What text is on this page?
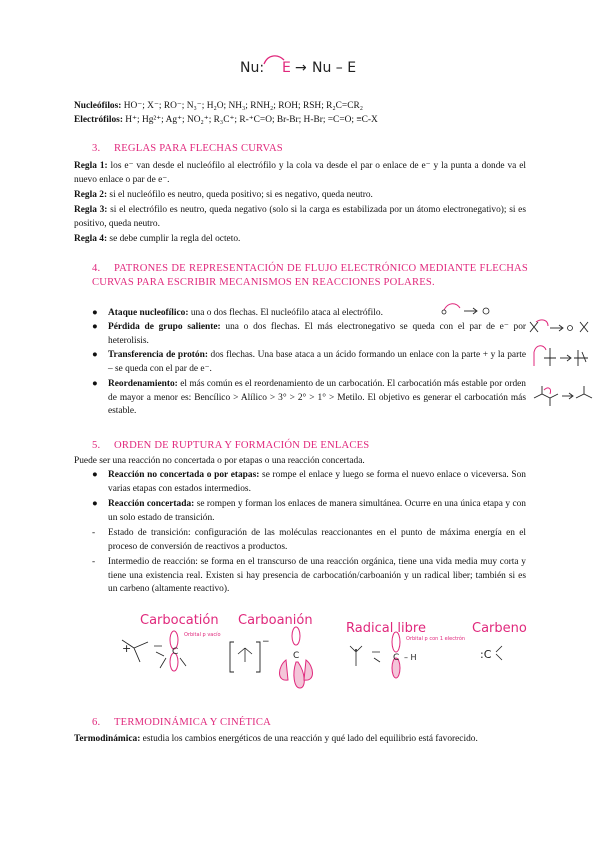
Nu: E → Nu – E
Nucleófilos: HO⁻; X⁻; RO⁻; N₃⁻; H₂O; NH₃; RNH₂; ROH; RSH; R₂C=CR₂
Electrófilos: H⁺; Hg²⁺; Ag⁺; NO₂⁺; R₃C⁺; R-⁺C=O; Br-Br; H-Br; =C=O; ≡C-X
3. REGLAS PARA FLECHAS CURVAS
Regla 1: los e⁻ van desde el nucleófilo al electrófilo y la cola va desde el par o enlace de e⁻ y la punta a donde va el nuevo enlace o par de e⁻.
Regla 2: si el nucleófilo es neutro, queda positivo; si es negativo, queda neutro.
Regla 3: si el electrófilo es neutro, queda negativo (solo si la carga es estabilizada por un átomo electronegativo); si es positivo, queda neutro.
Regla 4: se debe cumplir la regla del octeto.
4. PATRONES DE REPRESENTACIÓN DE FLUJO ELECTRÓNICO MEDIANTE FLECHAS CURVAS PARA ESCRIBIR MECANISMOS EN REACCIONES POLARES.
● Ataque nucleofílico: una o dos flechas. El nucleófilo ataca al electrófilo.
● Pérdida de grupo saliente: una o dos flechas. El más electronegativo se queda con el par de e⁻ por heterolisis.
● Transferencia de protón: dos flechas. Una base ataca a un ácido formando un enlace con la parte + y la parte – se queda con el par de e⁻.
● Reordenamiento: el más común es el reordenamiento de un carbocatión. El carbocatión más estable por orden de mayor a menor es: Bencílico > Alílico > 3° > 2° > 1° > Metilo. El objetivo es generar el carbocatión más estable.
5. ORDEN DE RUPTURA Y FORMACIÓN DE ENLACES
Puede ser una reacción no concertada o por etapas o una reacción concertada.
● Reacción no concertada o por etapas: se rompe el enlace y luego se forma el nuevo enlace o viceversa. Son varias etapas con estados intermedios.
● Reacción concertada: se rompen y forman los enlaces de manera simultánea. Ocurre en una única etapa y con un solo estado de transición.
- Estado de transición: configuración de las moléculas reaccionantes en el punto de máxima energía en el proceso de conversión de reactivos a productos.
- Intermedio de reacción: se forma en el transcurso de una reacción orgánica, tiene una vida media muy corta y tiene una existencia real. Existen si hay presencia de carbocatión/carboanión y un radical liber; también si es un carbeno (altamente reactivo).
Carbocatión
+	C
Orbital p vacío
Carboanión
−
C
Radical libre
C – H
Orbital p con 1 electrón
Carbeno
:C
6. TERMODINÁMICA Y CINÉTICA
Termodinámica: estudia los cambios energéticos de una reacción y qué lado del equilibrio está favorecido.
